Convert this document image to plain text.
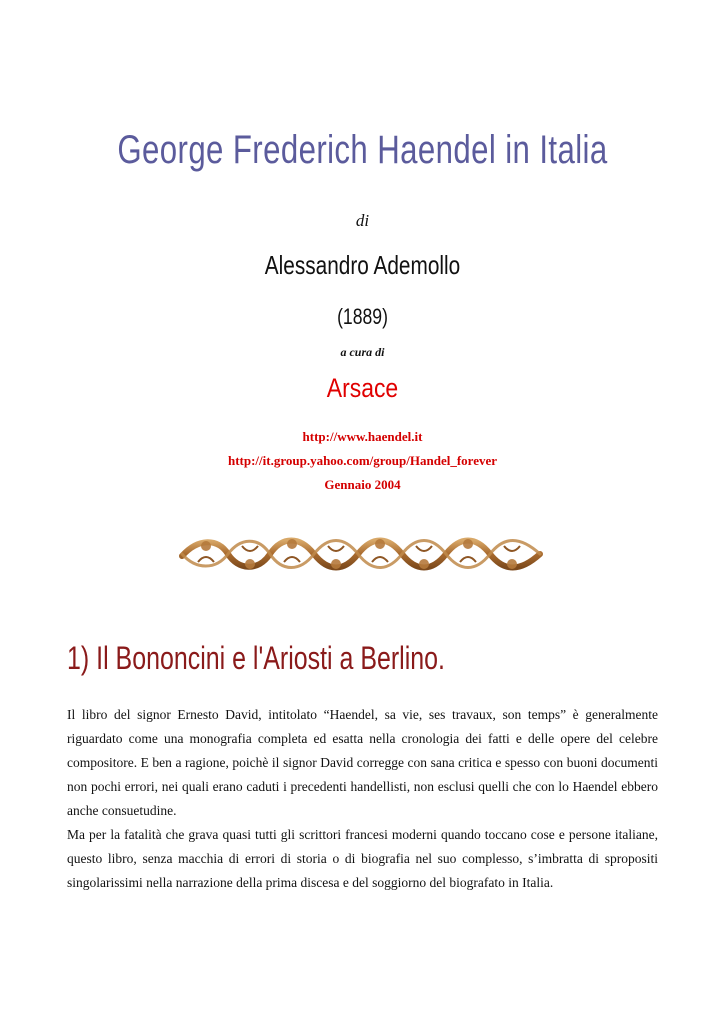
George Frederich Haendel in Italia
di
Alessandro Ademollo
(1889)
a cura di
Arsace
http://www.haendel.it
http://it.group.yahoo.com/group/Handel_forever
Gennaio 2004
1) Il Bononcini e l'Ariosti a Berlino.

Il libro del signor Ernesto David, intitolato “Haendel, sa vie, ses travaux, son temps” è generalmente riguardato come una monografia completa ed esatta nella cronologia dei fatti e delle opere del celebre compositore. E ben a ragione, poichè il signor David corregge con sana critica e spesso con buoni documenti non pochi errori, nei quali erano caduti i precedenti handellisti, non esclusi quelli che con lo Haendel ebbero anche consuetudine.

Ma per la fatalità che grava quasi tutti gli scrittori francesi moderni quando toccano cose e persone italiane, questo libro, senza macchia di errori di storia o di biografia nel suo complesso, s’imbratta di spropositi singolarissimi nella narrazione della prima discesa e del soggiorno del biografato in Italia.
